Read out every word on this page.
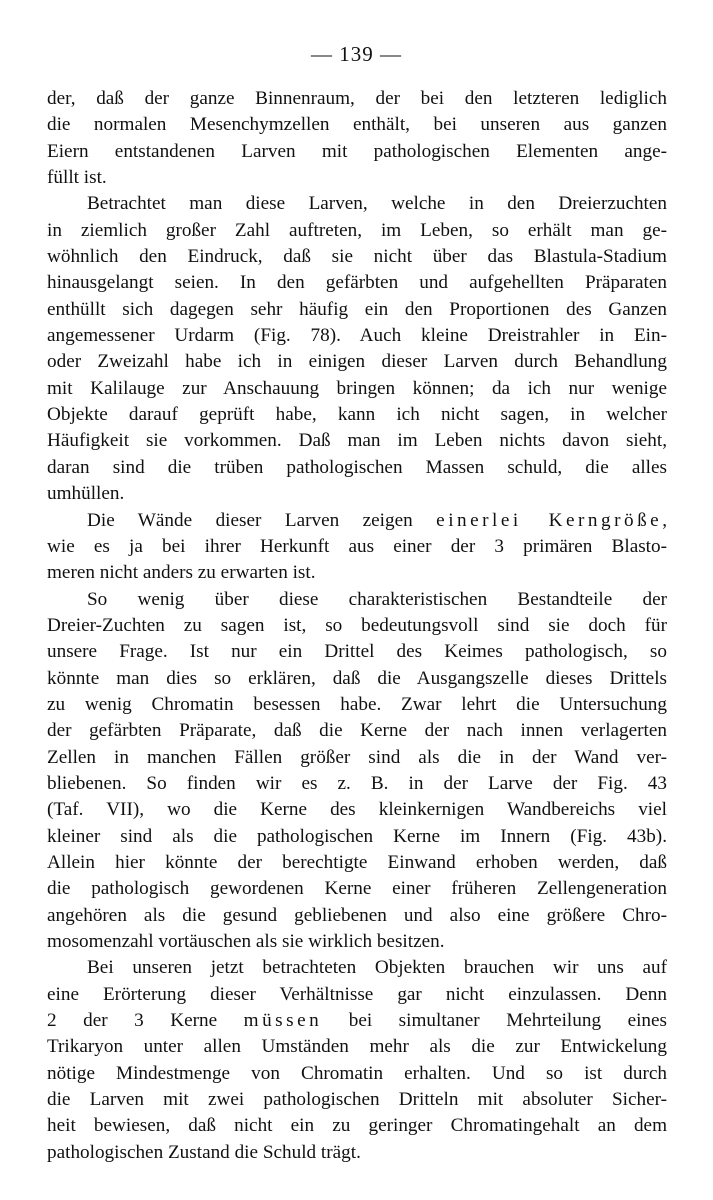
— 139 —
der, daß der ganze Binnenraum, der bei den letzteren lediglich
die normalen Mesenchymzellen enthält, bei unseren aus ganzen
Eiern entstandenen Larven mit pathologischen Elementen ange-
füllt ist.
Betrachtet man diese Larven, welche in den Dreierzuchten
in ziemlich großer Zahl auftreten, im Leben, so erhält man ge-
wöhnlich den Eindruck, daß sie nicht über das Blastula-Stadium
hinausgelangt seien. In den gefärbten und aufgehellten Präparaten
enthüllt sich dagegen sehr häufig ein den Proportionen des Ganzen
angemessener Urdarm (Fig. 78). Auch kleine Dreistrahler in Ein-
oder Zweizahl habe ich in einigen dieser Larven durch Behandlung
mit Kalilauge zur Anschauung bringen können; da ich nur wenige
Objekte darauf geprüft habe, kann ich nicht sagen, in welcher
Häufigkeit sie vorkommen. Daß man im Leben nichts davon sieht,
daran sind die trüben pathologischen Massen schuld, die alles
umhüllen.
Die Wände dieser Larven zeigen einerlei Kerngröße,
wie es ja bei ihrer Herkunft aus einer der 3 primären Blasto-
meren nicht anders zu erwarten ist.
So wenig über diese charakteristischen Bestandteile der
Dreier-Zuchten zu sagen ist, so bedeutungsvoll sind sie doch für
unsere Frage. Ist nur ein Drittel des Keimes pathologisch, so
könnte man dies so erklären, daß die Ausgangszelle dieses Drittels
zu wenig Chromatin besessen habe. Zwar lehrt die Untersuchung
der gefärbten Präparate, daß die Kerne der nach innen verlagerten
Zellen in manchen Fällen größer sind als die in der Wand ver-
bliebenen. So finden wir es z. B. in der Larve der Fig. 43
(Taf. VII), wo die Kerne des kleinkernigen Wandbereichs viel
kleiner sind als die pathologischen Kerne im Innern (Fig. 43b).
Allein hier könnte der berechtigte Einwand erhoben werden, daß
die pathologisch gewordenen Kerne einer früheren Zellengeneration
angehören als die gesund gebliebenen und also eine größere Chro-
mosomenzahl vortäuschen als sie wirklich besitzen.
Bei unseren jetzt betrachteten Objekten brauchen wir uns auf
eine Erörterung dieser Verhältnisse gar nicht einzulassen. Denn
2 der 3 Kerne müssen bei simultaner Mehrteilung eines
Trikaryon unter allen Umständen mehr als die zur Entwickelung
nötige Mindestmenge von Chromatin erhalten. Und so ist durch
die Larven mit zwei pathologischen Dritteln mit absoluter Sicher-
heit bewiesen, daß nicht ein zu geringer Chromatingehalt an dem
pathologischen Zustand die Schuld trägt.
